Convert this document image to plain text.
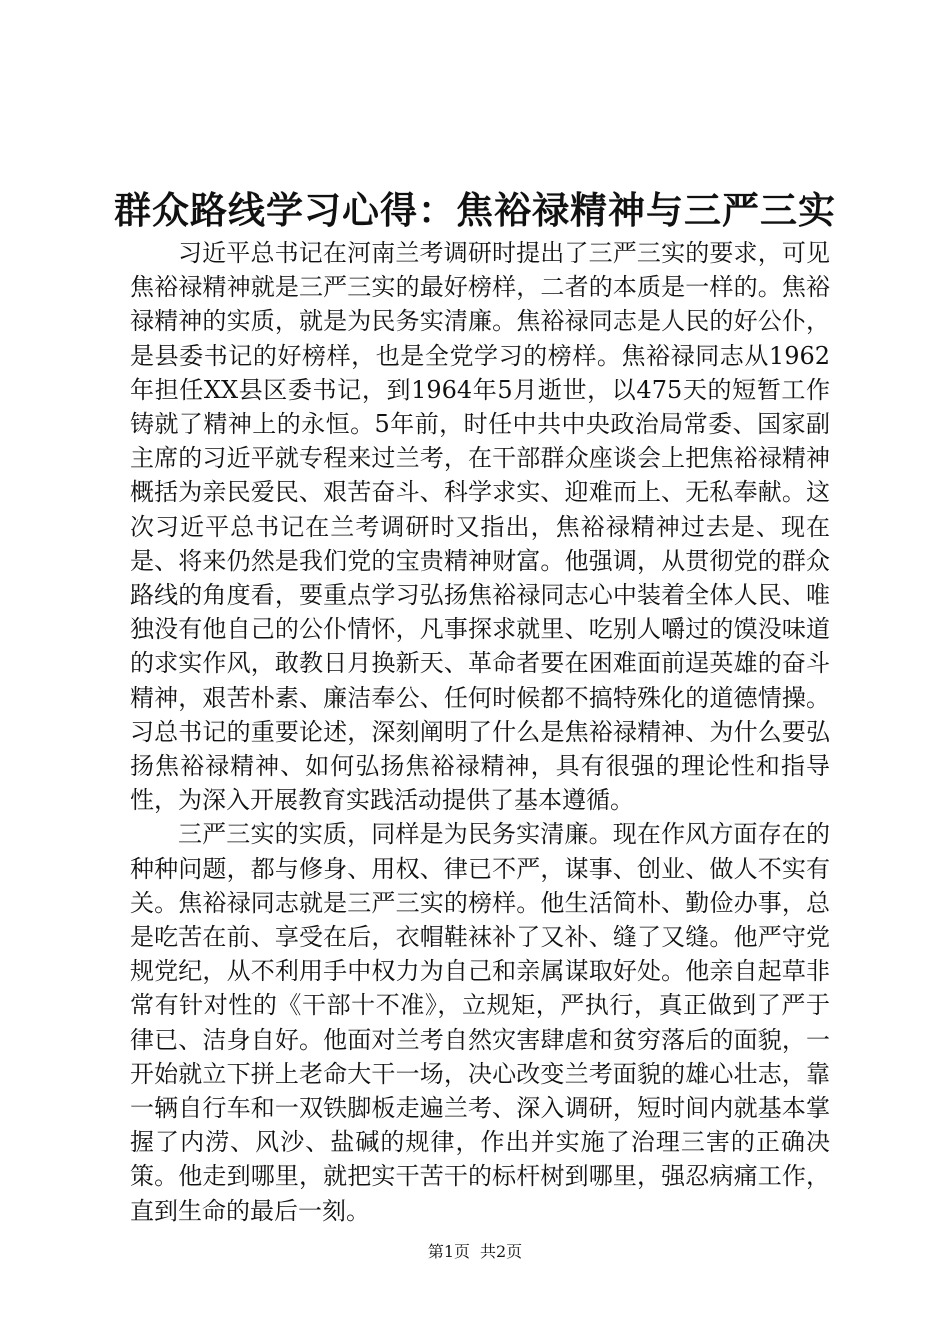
群众路线学习心得：焦裕禄精神与三严三实

习近平总书记在河南兰考调研时提出了三严三实的要求，可见焦裕禄精神就是三严三实的最好榜样，二者的本质是一样的。焦裕禄精神的实质，就是为民务实清廉。焦裕禄同志是人民的好公仆，是县委书记的好榜样，也是全党学习的榜样。焦裕禄同志从1962年担任XX县区委书记，到1964年5月逝世，以475天的短暂工作铸就了精神上的永恒。5年前，时任中共中央政治局常委、国家副主席的习近平就专程来过兰考，在干部群众座谈会上把焦裕禄精神概括为亲民爱民、艰苦奋斗、科学求实、迎难而上、无私奉献。这次习近平总书记在兰考调研时又指出，焦裕禄精神过去是、现在是、将来仍然是我们党的宝贵精神财富。他强调，从贯彻党的群众路线的角度看，要重点学习弘扬焦裕禄同志心中装着全体人民、唯独没有他自己的公仆情怀，凡事探求就里、吃别人嚼过的馍没味道的求实作风，敢教日月换新天、革命者要在困难面前逞英雄的奋斗精神，艰苦朴素、廉洁奉公、任何时候都不搞特殊化的道德情操。习总书记的重要论述，深刻阐明了什么是焦裕禄精神、为什么要弘扬焦裕禄精神、如何弘扬焦裕禄精神，具有很强的理论性和指导性，为深入开展教育实践活动提供了基本遵循。

三严三实的实质，同样是为民务实清廉。现在作风方面存在的种种问题，都与修身、用权、律已不严，谋事、创业、做人不实有关。焦裕禄同志就是三严三实的榜样。他生活简朴、勤俭办事，总是吃苦在前、享受在后，衣帽鞋袜补了又补、缝了又缝。他严守党规党纪，从不利用手中权力为自己和亲属谋取好处。他亲自起草非常有针对性的《干部十不准》，立规矩，严执行，真正做到了严于律已、洁身自好。他面对兰考自然灾害肆虐和贫穷落后的面貌，一开始就立下拼上老命大干一场，决心改变兰考面貌的雄心壮志，靠一辆自行车和一双铁脚板走遍兰考、深入调研，短时间内就基本掌握了内涝、风沙、盐碱的规律，作出并实施了治理三害的正确决策。他走到哪里，就把实干苦干的标杆树到哪里，强忍病痛工作，直到生命的最后一刻。

第1页 共2页
